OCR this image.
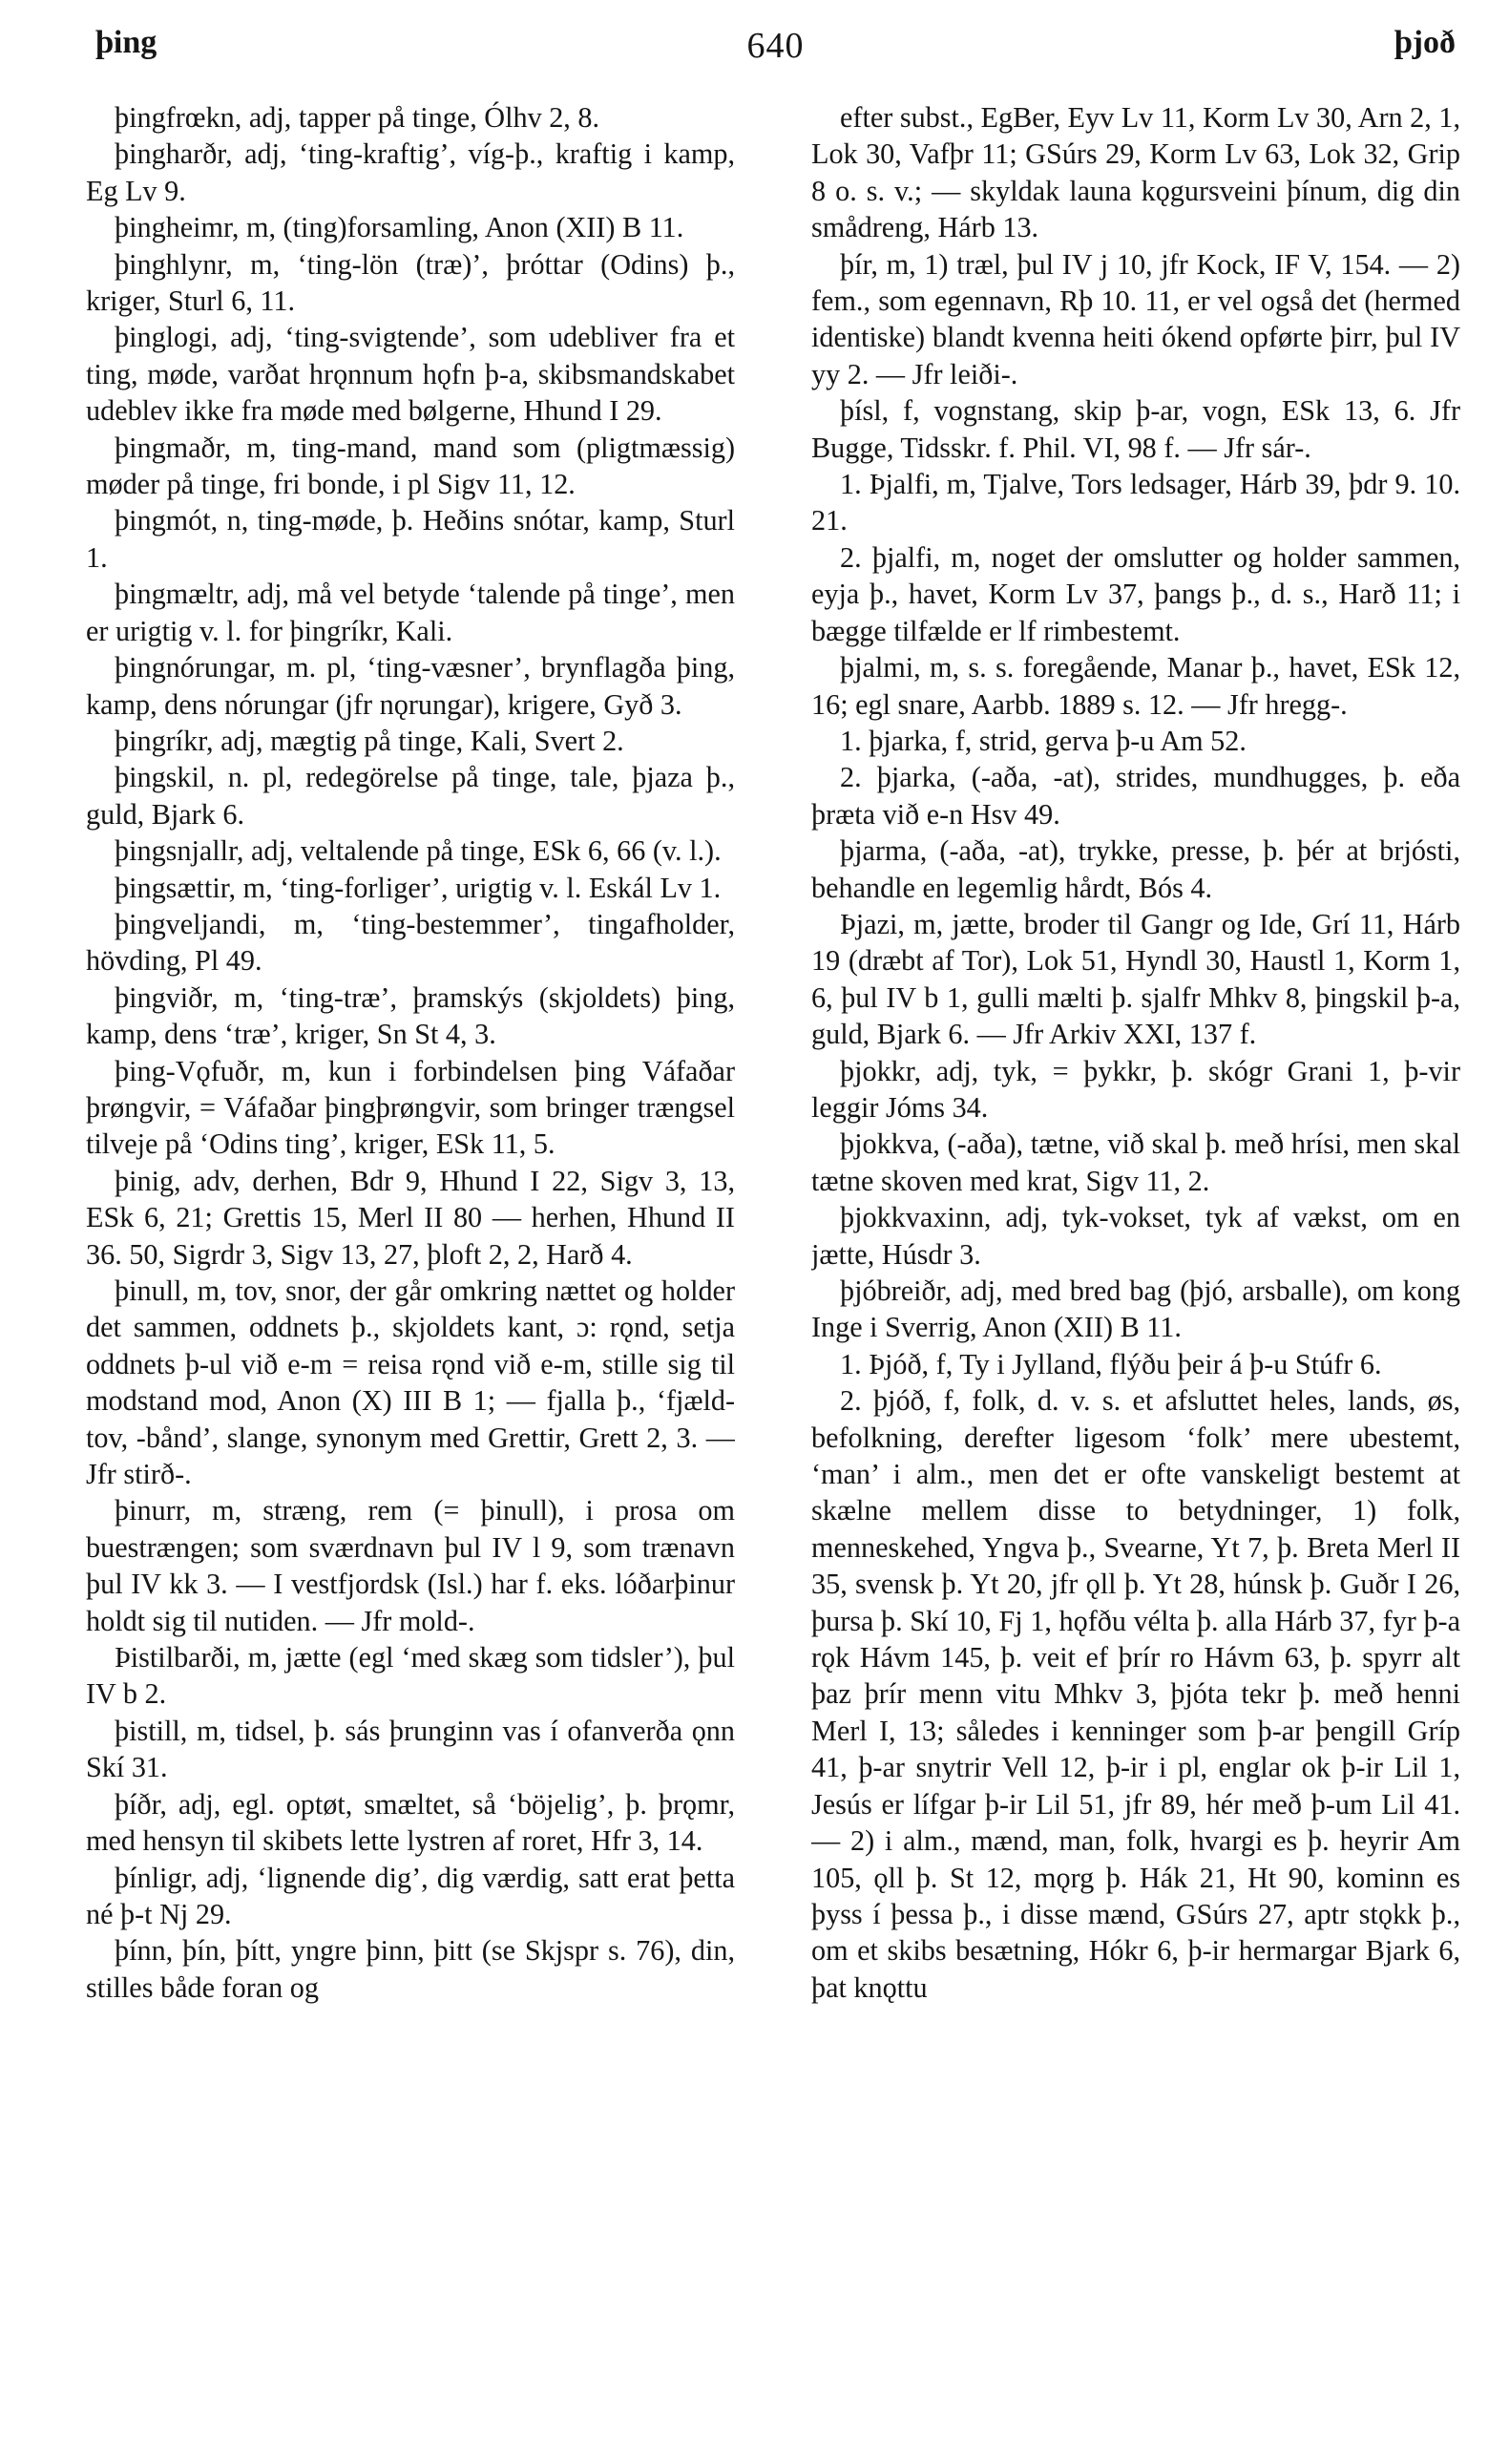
þing	640	þjoð

þingfrœkn, adj, tapper på tinge, Ólhv 2, 8.

þingharðr, adj, ‘ting-kraftig’, víg-þ., kraftig i kamp, Eg Lv 9.

þingheimr, m, (ting)forsamling, Anon (XII) B 11.

þinghlynr, m, ‘ting-lön (træ)’, þróttar (Odins) þ., kriger, Sturl 6, 11.

þinglogi, adj, ‘ting-svigtende’, som udebliver fra et ting, møde, varðat hrǫnnum hǫfn þ-a, skibsmandskabet udeblev ikke fra møde med bølgerne, Hhund I 29.

þingmaðr, m, ting-mand, mand som (pligtmæssig) møder på tinge, fri bonde, i pl Sigv 11, 12.

þingmót, n, ting-møde, þ. Heðins snótar, kamp, Sturl 1.

þingmæltr, adj, må vel betyde ‘talende på tinge’, men er urigtig v. l. for þingríkr, Kali.

þingnórungar, m. pl, ‘ting-væsner’, brynflagða þing, kamp, dens nórungar (jfr nǫrungar), krigere, Gyð 3.

þingríkr, adj, mægtig på tinge, Kali, Svert 2.

þingskil, n. pl, redegörelse på tinge, tale, þjaza þ., guld, Bjark 6.

þingsnjallr, adj, veltalende på tinge, ESk 6, 66 (v. l.).

þingsættir, m, ‘ting-forliger’, urigtig v. l. Eskál Lv 1.

þingveljandi, m, ‘ting-bestemmer’, tingafholder, hövding, Pl 49.

þingviðr, m, ‘ting-træ’, þramskýs (skjoldets) þing, kamp, dens ‘træ’, kriger, Sn St 4, 3.

þing-Vǫfuðr, m, kun i forbindelsen þing Váfaðar þrøngvir, = Váfaðar þingþrøngvir, som bringer trængsel tilveje på ‘Odins ting’, kriger, ESk 11, 5.

þinig, adv, derhen, Bdr 9, Hhund I 22, Sigv 3, 13, ESk 6, 21; Grettis 15, Merl II 80 — herhen, Hhund II 36. 50, Sigrdr 3, Sigv 13, 27, þloft 2, 2, Harð 4.

þinull, m, tov, snor, der går omkring nættet og holder det sammen, oddnets þ., skjoldets kant, ɔ: rǫnd, setja oddnets þ-ul við e-m = reisa rǫnd við e-m, stille sig til modstand mod, Anon (X) III B 1; — fjalla þ., ‘fjæld-tov, -bånd’, slange, synonym med Grettir, Grett 2, 3. — Jfr stirð-.

þinurr, m, stræng, rem (= þinull), i prosa om buestrængen; som sværdnavn þul IV l 9, som trænavn þul IV kk 3. — I vestfjordsk (Isl.) har f. eks. lóðarþinur holdt sig til nutiden. — Jfr mold-.

Þistilbarði, m, jætte (egl ‘med skæg som tidsler’), þul IV b 2.

þistill, m, tidsel, þ. sás þrunginn vas í ofanverða ǫnn Skí 31.

þíðr, adj, egl. optøt, smæltet, så ‘böjelig’, þ. þrǫmr, med hensyn til skibets lette lystren af roret, Hfr 3, 14.

þínligr, adj, ‘lignende dig’, dig værdig, satt erat þetta né þ-t Nj 29.

þínn, þín, þítt, yngre þinn, þitt (se Skjspr s. 76), din, stilles både foran og

efter subst., EgBer, Eyv Lv 11, Korm Lv 30, Arn 2, 1, Lok 30, Vafþr 11; GSúrs 29, Korm Lv 63, Lok 32, Grip 8 o. s. v.; — skyldak launa kǫgursveini þínum, dig din smådreng, Hárb 13.

þír, m, 1) træl, þul IV j 10, jfr Kock, IF V, 154. — 2) fem., som egennavn, Rþ 10. 11, er vel også det (hermed identiske) blandt kvenna heiti ókend opførte þirr, þul IV yy 2. — Jfr leiði-.

þísl, f, vognstang, skip þ-ar, vogn, ESk 13, 6. Jfr Bugge, Tidsskr. f. Phil. VI, 98 f. — Jfr sár-.

1. Þjalfi, m, Tjalve, Tors ledsager, Hárb 39, þdr 9. 10. 21.

2. þjalfi, m, noget der omslutter og holder sammen, eyja þ., havet, Korm Lv 37, þangs þ., d. s., Harð 11; i bægge tilfælde er lf rimbestemt.

þjalmi, m, s. s. foregående, Manar þ., havet, ESk 12, 16; egl snare, Aarbb. 1889 s. 12. — Jfr hregg-.

1. þjarka, f, strid, gerva þ-u Am 52.

2. þjarka, (-aða, -at), strides, mundhugges, þ. eða þræta við e-n Hsv 49.

þjarma, (-aða, -at), trykke, presse, þ. þér at brjósti, behandle en legemlig hårdt, Bós 4.

Þjazi, m, jætte, broder til Gangr og Ide, Grí 11, Hárb 19 (dræbt af Tor), Lok 51, Hyndl 30, Haustl 1, Korm 1, 6, þul IV b 1, gulli mælti þ. sjalfr Mhkv 8, þingskil þ-a, guld, Bjark 6. — Jfr Arkiv XXI, 137 f.

þjokkr, adj, tyk, = þykkr, þ. skógr Grani 1, þ-vir leggir Jóms 34.

þjokkva, (-aða), tætne, við skal þ. með hrísi, men skal tætne skoven med krat, Sigv 11, 2.

þjokkvaxinn, adj, tyk-vokset, tyk af vækst, om en jætte, Húsdr 3.

þjóbreiðr, adj, med bred bag (þjó, arsballe), om kong Inge i Sverrig, Anon (XII) B 11.

1. Þjóð, f, Ty i Jylland, flýðu þeir á þ-u Stúfr 6.

2. þjóð, f, folk, d. v. s. et afsluttet heles, lands, øs, befolkning, derefter ligesom ‘folk’ mere ubestemt, ‘man’ i alm., men det er ofte vanskeligt bestemt at skælne mellem disse to betydninger, 1) folk, menneskehed, Yngva þ., Svearne, Yt 7, þ. Breta Merl II 35, svensk þ. Yt 20, jfr ǫll þ. Yt 28, húnsk þ. Guðr I 26, þursa þ. Skí 10, Fj 1, hǫfðu vélta þ. alla Hárb 37, fyr þ-a rǫk Hávm 145, þ. veit ef þrír ro Hávm 63, þ. spyrr alt þaz þrír menn vitu Mhkv 3, þjóta tekr þ. með henni Merl I, 13; således i kenninger som þ-ar þengill Gríp 41, þ-ar snytrir Vell 12, þ-ir i pl, englar ok þ-ir Lil 1, Jesús er lífgar þ-ir Lil 51, jfr 89, hér með þ-um Lil 41. — 2) i alm., mænd, man, folk, hvargi es þ. heyrir Am 105, ǫll þ. St 12, mǫrg þ. Hák 21, Ht 90, kominn es þyss í þessa þ., i disse mænd, GSúrs 27, aptr stǫkk þ., om et skibs besætning, Hókr 6, þ-ir hermargar Bjark 6, þat knǫttu
